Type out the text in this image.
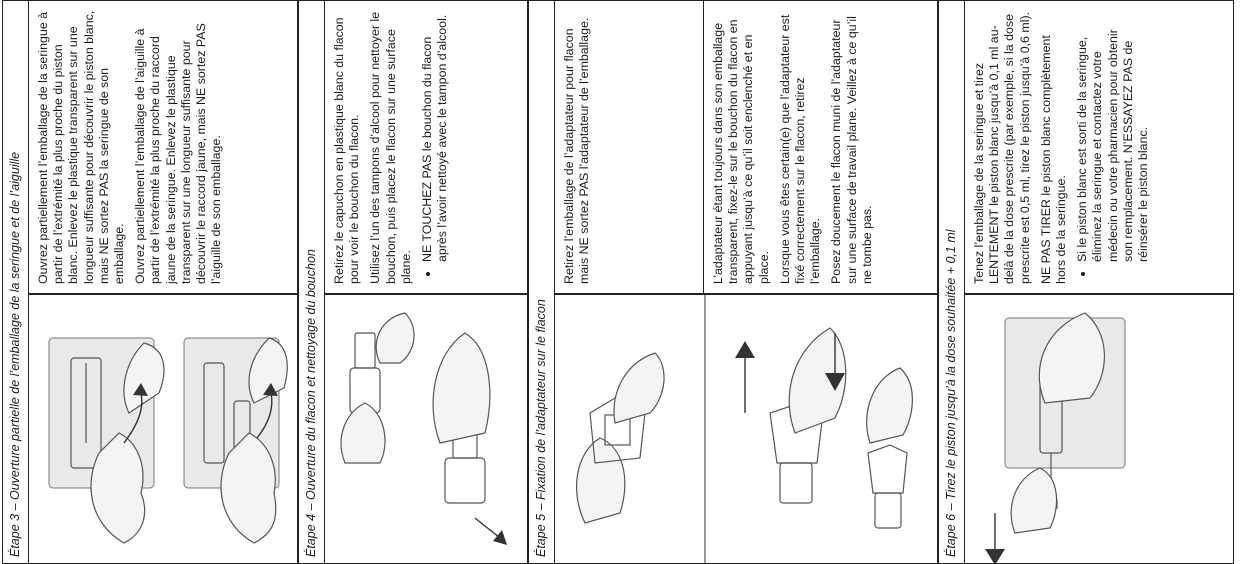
Étape 3 – Ouverture partielle de l’emballage de la seringue et de l’aiguille

Ouvrez partiellement l’emballage de la seringue à partir de l’extrémité la plus proche du piston blanc. Enlevez le plastique transparent sur une longueur suffisante pour découvrir le piston blanc, mais NE sortez PAS la seringue de son emballage. Ouvrez partiellement l’emballage de l’aiguille à partir de l’extrémité la plus proche du raccord jaune de la seringue. Enlevez le plastique transparent sur une longueur suffisante pour découvrir le raccord jaune, mais NE sortez PAS l’aiguille de son emballage.

Étape 4 – Ouverture du flacon et nettoyage du bouchon

Retirez le capuchon en plastique blanc du flacon pour voir le bouchon du flacon. Utilisez l’un des tampons d’alcool pour nettoyer le bouchon, puis placez le flacon sur une surface plane.

• NE TOUCHEZ PAS le bouchon du flacon après l’avoir nettoyé avec le tampon d’alcool.
Étape 5 – Fixation de l’adaptateur sur le flacon

Retirez l’emballage de l’adaptateur pour flacon mais NE sortez PAS l’adaptateur de l’emballage.	L’adaptateur étant toujours dans son emballage transparent, fixez-le sur le bouchon du flacon en appuyant jusqu’à ce qu’il soit enclenché et en place. Lorsque vous êtes certain(e) que l’adaptateur est fixé correctement sur le flacon, retirez l’emballage. Posez doucement le flacon muni de l’adaptateur sur une surface de travail plane. Veillez à ce qu’il ne tombe pas.	Étape 6 – Tirez le piston jusqu’à la dose souhaitée + 0,1 ml

Tenez l’emballage de la seringue et tirez LENTEMENT le piston blanc jusqu’à 0,1 ml au-delà de la dose prescrite (par exemple, si la dose prescrite est 0,5 ml, tirez le piston jusqu’à 0,6 ml). NE PAS TIRER le piston blanc complètement hors de la seringue.

• Si le piston blanc est sorti de la seringue, éliminez la seringue et contactez votre médecin ou votre pharmacien pour obtenir son remplacement. N’ESSAYEZ PAS de réinsérer le piston blanc.
